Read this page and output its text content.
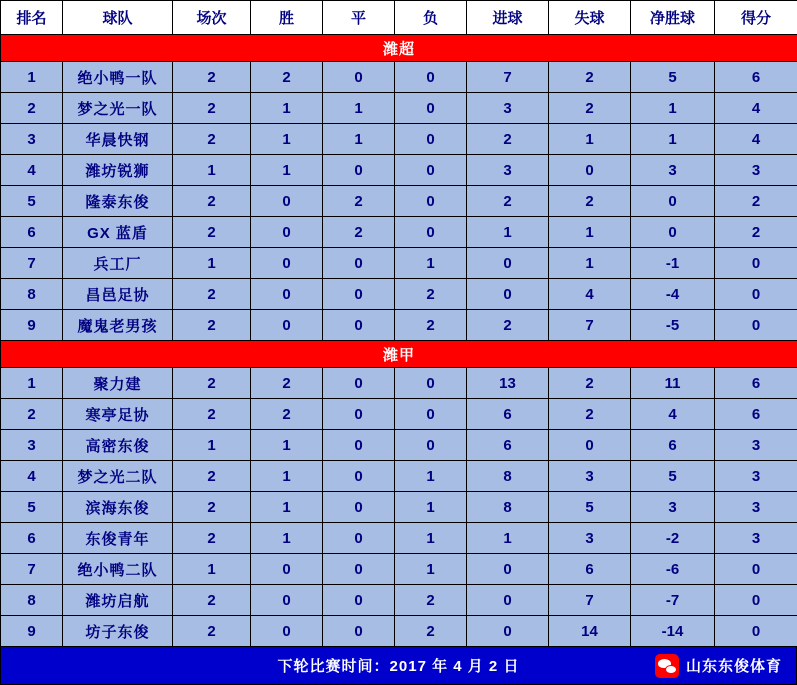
排名	球队	场次	胜	平	负	进球	失球	净胜球	得分
潍超									
1	绝小鸭一队	2	2	0	0	7	2	5	6
2	梦之光一队	2	1	1	0	3	2	1	4
3	华晨快钢	2	1	1	0	2	1	1	4
4	潍坊锐狮	1	1	0	0	3	0	3	3
5	隆泰东俊	2	0	2	0	2	2	0	2
6	GX 蓝盾	2	0	2	0	1	1	0	2
7	兵工厂	1	0	0	1	0	1	-1	0
8	昌邑足协	2	0	0	2	0	4	-4	0
9	魔鬼老男孩	2	0	0	2	2	7	-5	0
潍甲									
1	聚力建	2	2	0	0	13	2	11	6
2	寒亭足协	2	2	0	0	6	2	4	6
3	高密东俊	1	1	0	0	6	0	6	3
4	梦之光二队	2	1	0	1	8	3	5	3
5	滨海东俊	2	1	0	1	8	5	3	3
6	东俊青年	2	1	0	1	1	3	-2	3
7	绝小鸭二队	1	0	0	1	0	6	-6	0
8	潍坊启航	2	0	0	2	0	7	-7	0
9	坊子东俊	2	0	0	2	0	14	-14	0
下轮比赛时间：2017 年 4 月 2 日	山东东俊体育
